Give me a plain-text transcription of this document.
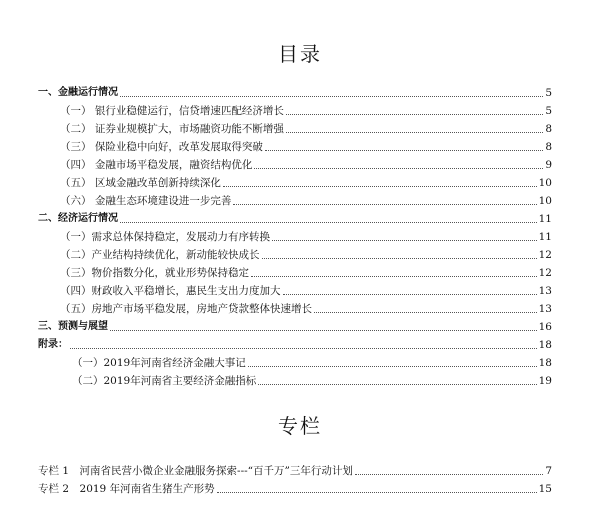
目录
一、金融运行情况	5
（一） 银行业稳健运行，信贷增速匹配经济增长	5
（二） 证券业规模扩大，市场融资功能不断增强	8
（三） 保险业稳中向好，改革发展取得突破	8
（四） 金融市场平稳发展，融资结构优化	9
（五） 区域金融改革创新持续深化	10
（六） 金融生态环境建设进一步完善	10
二、经济运行情况	11
（一）需求总体保持稳定，发展动力有序转换	11
（二）产业结构持续优化，新动能较快成长	12
（三）物价指数分化，就业形势保持稳定	12
（四）财政收入平稳增长，惠民生支出力度加大	13
（五）房地产市场平稳发展，房地产贷款整体快速增长	13
三、预测与展望	16
附录：	18
（一）2019年河南省经济金融大事记	18
（二）2019年河南省主要经济金融指标	19
专栏
专栏 1　河南省民营小微企业金融服务探索---“百千万”三年行动计划	7
专栏 2　2019 年河南省生猪生产形势	15
